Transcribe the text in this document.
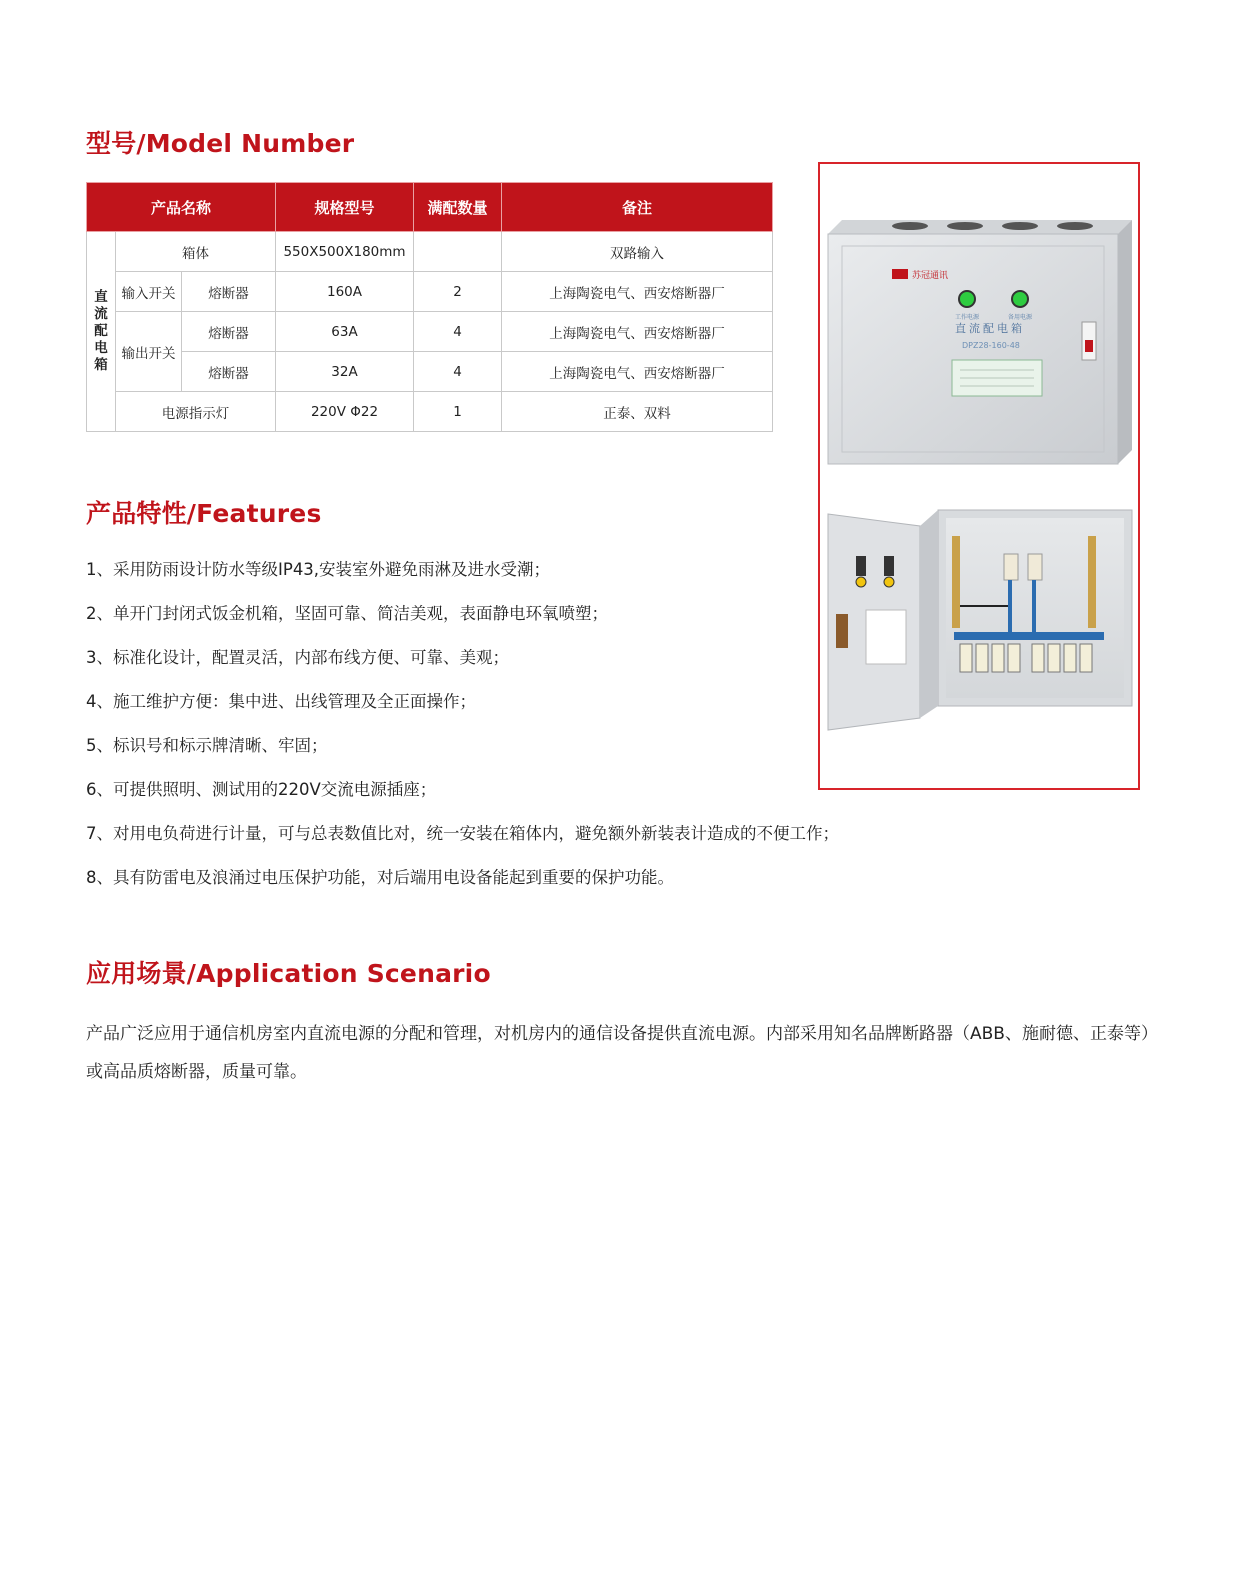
型号/Model Number
产品名称			规格型号	满配数量	备注

直
流
配
电
箱	箱体		550X500X180mm		双路输入
	输入开关	熔断器	160A	2	上海陶瓷电气、西安熔断器厂
	输出开关	熔断器	63A	4	上海陶瓷电气、西安熔断器厂
		熔断器	32A	4	上海陶瓷电气、西安熔断器厂
	电源指示灯		220V Φ22	1	正泰、双料
苏冠通讯
工作电源	备用电源
直流配电箱
DPZ28-160-48
产品特性/Features
1、采用防雨设计防水等级IP43,安装室外避免雨淋及进水受潮；
2、单开门封闭式饭金机箱，坚固可靠、简洁美观，表面静电环氧喷塑；
3、标准化设计，配置灵活，内部布线方便、可靠、美观；
4、施工维护方便：集中进、出线管理及全正面操作；
5、标识号和标示牌清晰、牢固；
6、可提供照明、测试用的220V交流电源插座；
7、对用电负荷进行计量，可与总表数值比对，统一安装在箱体内，避免额外新装表计造成的不便工作；
8、具有防雷电及浪涌过电压保护功能，对后端用电设备能起到重要的保护功能。
应用场景/Application Scenario

产品广泛应用于通信机房室内直流电源的分配和管理，对机房内的通信设备提供直流电源。内部采用知名品牌断路器（ABB、施耐德、正泰等）或高品质熔断器，质量可靠。
